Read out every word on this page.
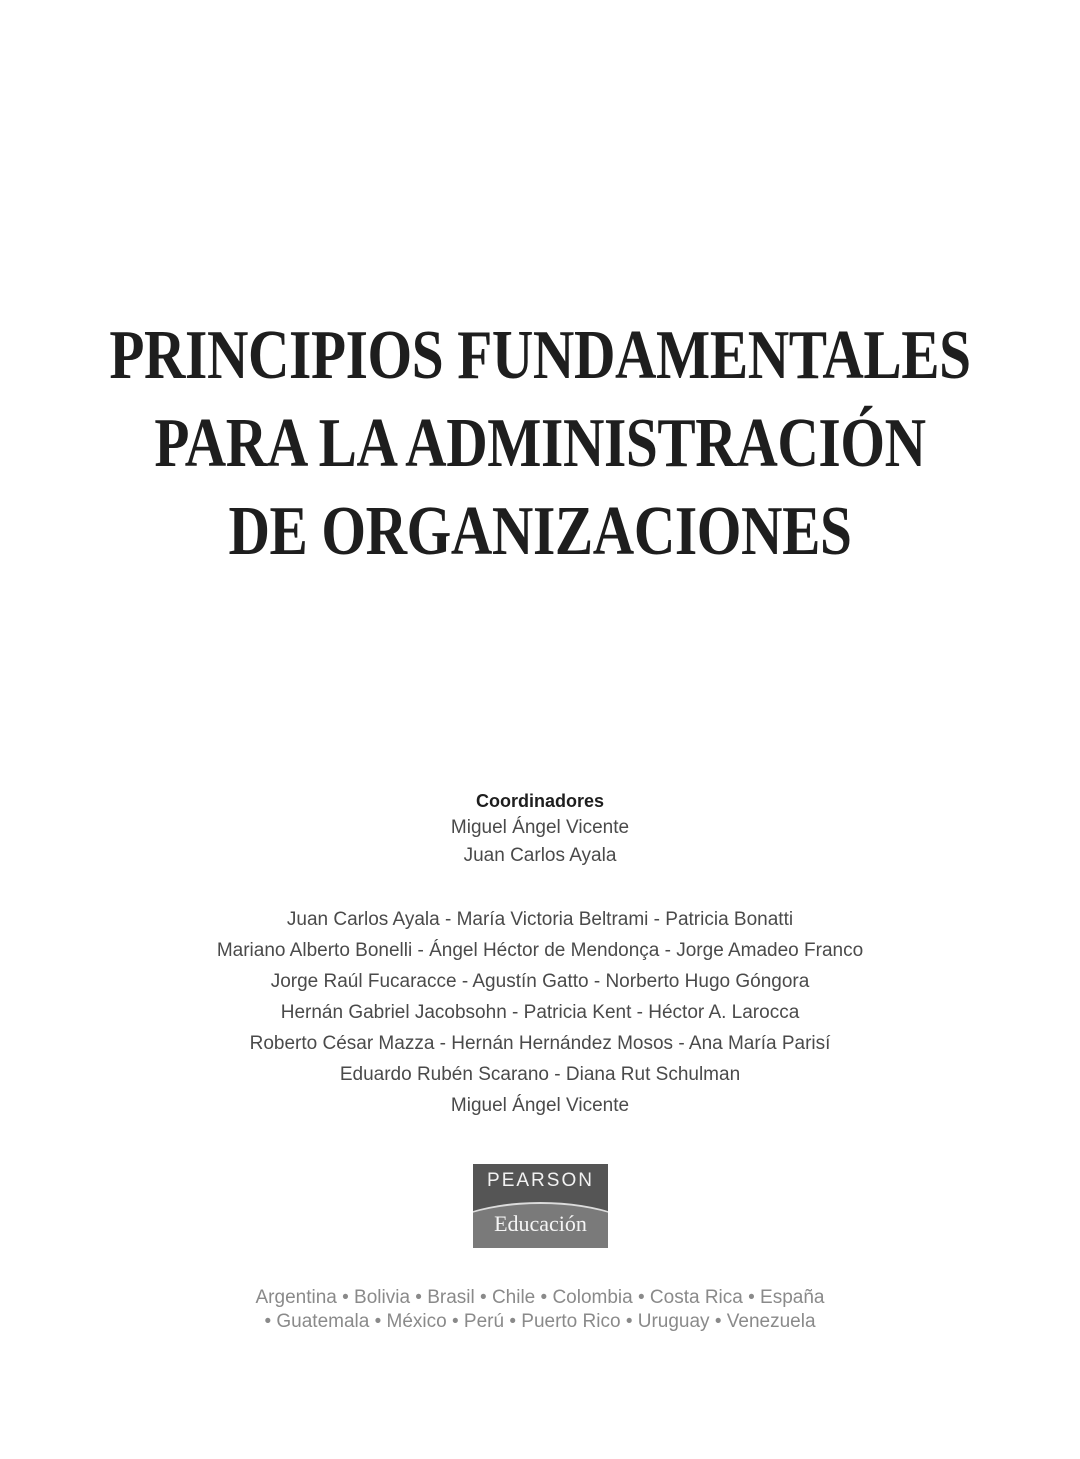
PRINCIPIOS FUNDAMENTALES
PARA LA ADMINISTRACIÓN
DE ORGANIZACIONES
Coordinadores
Miguel Ángel Vicente
Juan Carlos Ayala
Juan Carlos Ayala - María Victoria Beltrami - Patricia Bonatti
Mariano Alberto Bonelli - Ángel Héctor de Mendonça - Jorge Amadeo Franco
Jorge Raúl Fucaracce - Agustín Gatto - Norberto Hugo Góngora
Hernán Gabriel Jacobsohn - Patricia Kent - Héctor A. Larocca
Roberto César Mazza - Hernán Hernández Mosos - Ana María Parisí
Eduardo Rubén Scarano - Diana Rut Schulman
Miguel Ángel Vicente
PEARSON
Educación
Argentina • Bolivia • Brasil • Chile • Colombia • Costa Rica • España
• Guatemala • México • Perú • Puerto Rico • Uruguay • Venezuela
